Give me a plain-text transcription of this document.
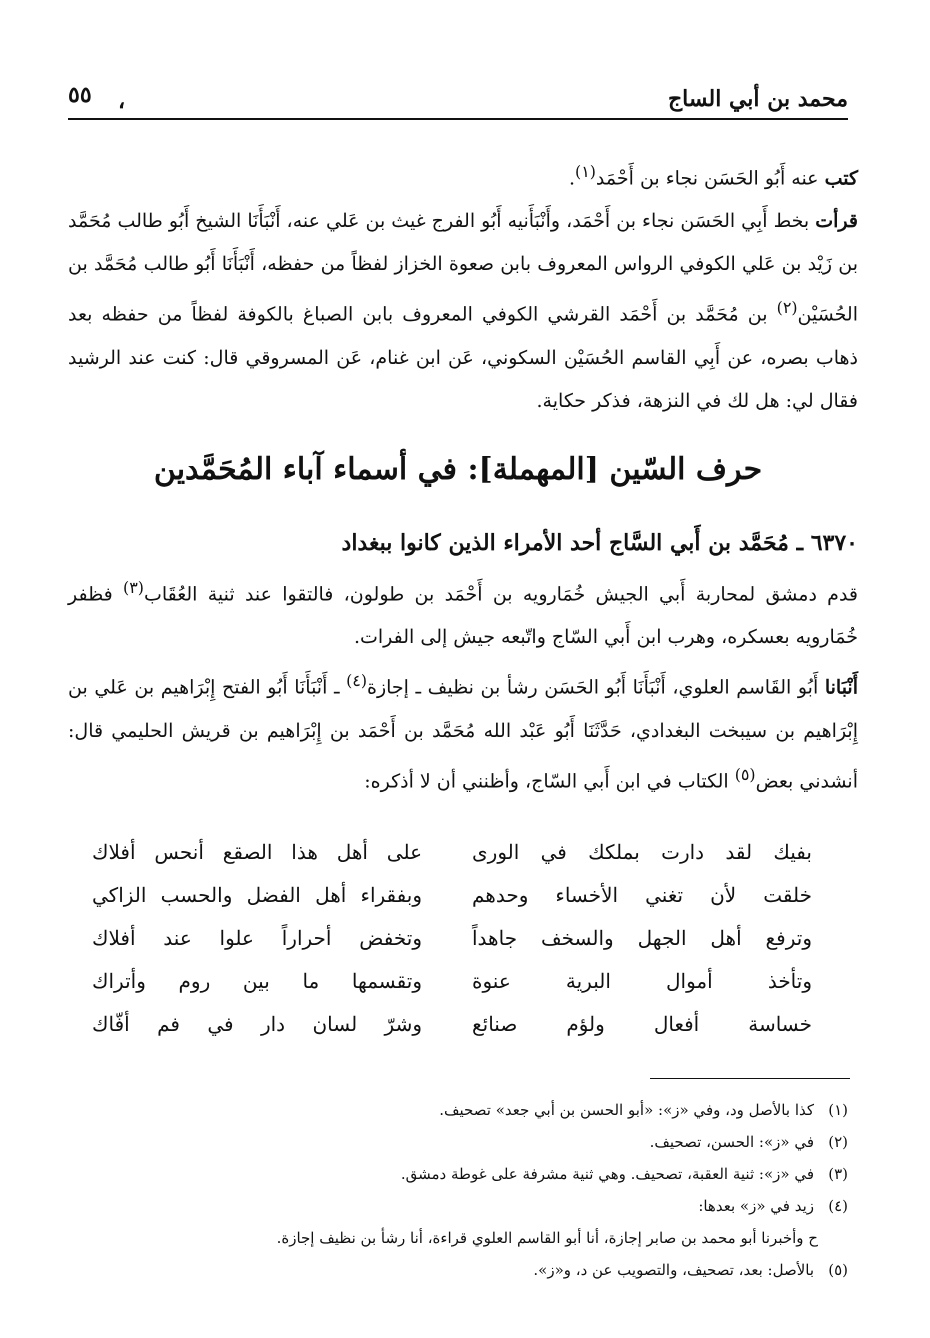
محمد بن أبي الساج
،
٥٥

كتب عنه أَبُو الحَسَن نجاء بن أَحْمَد$^{(١)}$.

قرأت بخط أَبِي الحَسَن نجاء بن أَحْمَد، وأَنْبَأَنيه أَبُو الفرج غيث بن عَلي عنه، أَنْبَأَنَا الشيخ أَبُو طالب مُحَمَّد بن زَيْد بن عَلي الكوفي الرواس المعروف بابن صعوة الخزاز لفظاً من حفظه، أَنْبَأَنَا أَبُو طالب مُحَمَّد بن الحُسَيْن$^{(٢)}$ بن مُحَمَّد بن أَحْمَد القرشي الكوفي المعروف بابن الصباغ بالكوفة لفظاً من حفظه بعد ذهاب بصره، عن أَبِي القاسم الحُسَيْن السكوني، عَن ابن غنام، عَن المسروقي قال: كنت عند الرشيد فقال لي: هل لك في النزهة، فذكر حكاية.

حرف السّين [المهملة]: في أسماء آباء المُحَمَّدين
٦٣٧٠ ـ مُحَمَّد بن أَبي السَّاج أحد الأمراء الذين كانوا ببغداد

قدم دمشق لمحاربة أَبي الجيش خُمَارويه بن أَحْمَد بن طولون، فالتقوا عند ثنية العُقَاب$^{(٣)}$ فظفر خُمَارويه بعسكره، وهرب ابن أَبي السّاج واتّبعه جيش إلى الفرات.

أَنْبَانا أَبُو القَاسم العلوي، أَنْبَأَنَا أَبُو الحَسَن رشأ بن نظيف ـ إجازة$^{(٤)}$ ـ أَنْبَأَنَا أَبُو الفتح إِبْرَاهيم بن عَلي بن إِبْرَاهيم بن سيبخت البغدادي، حَدَّثَنَا أَبُو عَبْد الله مُحَمَّد بن أَحْمَد بن إِبْرَاهيم بن قريش الحليمي قال: أنشدني بعض$^{(٥)}$ الكتاب في ابن أَبي السّاج، وأظنني أن لا أذكره:

بفيك لقد دارت بملكك في الورى
على أهل هذا الصقع أنحس أفلاك
خلقت لأن تغني الأخساء وحدهم
وبفقراء أهل الفضل والحسب الزاكي
وترفع أهل الجهل والسخف جاهداً
وتخفض أحراراً علوا عند أفلاك
وتأخذ أموال البرية عنوة
وتقسمها ما بين روم وأتراك
خساسة أفعال ولؤم صنائع
وشرّ لسان دار في فم أفّاك
(١)كذا بالأصل ود، وفي «ز»: «أبو الحسن بن أبي جعد» تصحيف.
(٢)في «ز»: الحسن، تصحيف.
(٣)في «ز»: ثنية العقبة، تصحيف. وهي ثنية مشرفة على غوطة دمشق.
(٤)زيد في «ز» بعدها:
ح وأخبرنا أبو محمد بن صابر إجازة، أنا أبو القاسم العلوي قراءة، أنا رشأ بن نظيف إجازة.
(٥)بالأصل: بعد، تصحيف، والتصويب عن د، و«ز».
